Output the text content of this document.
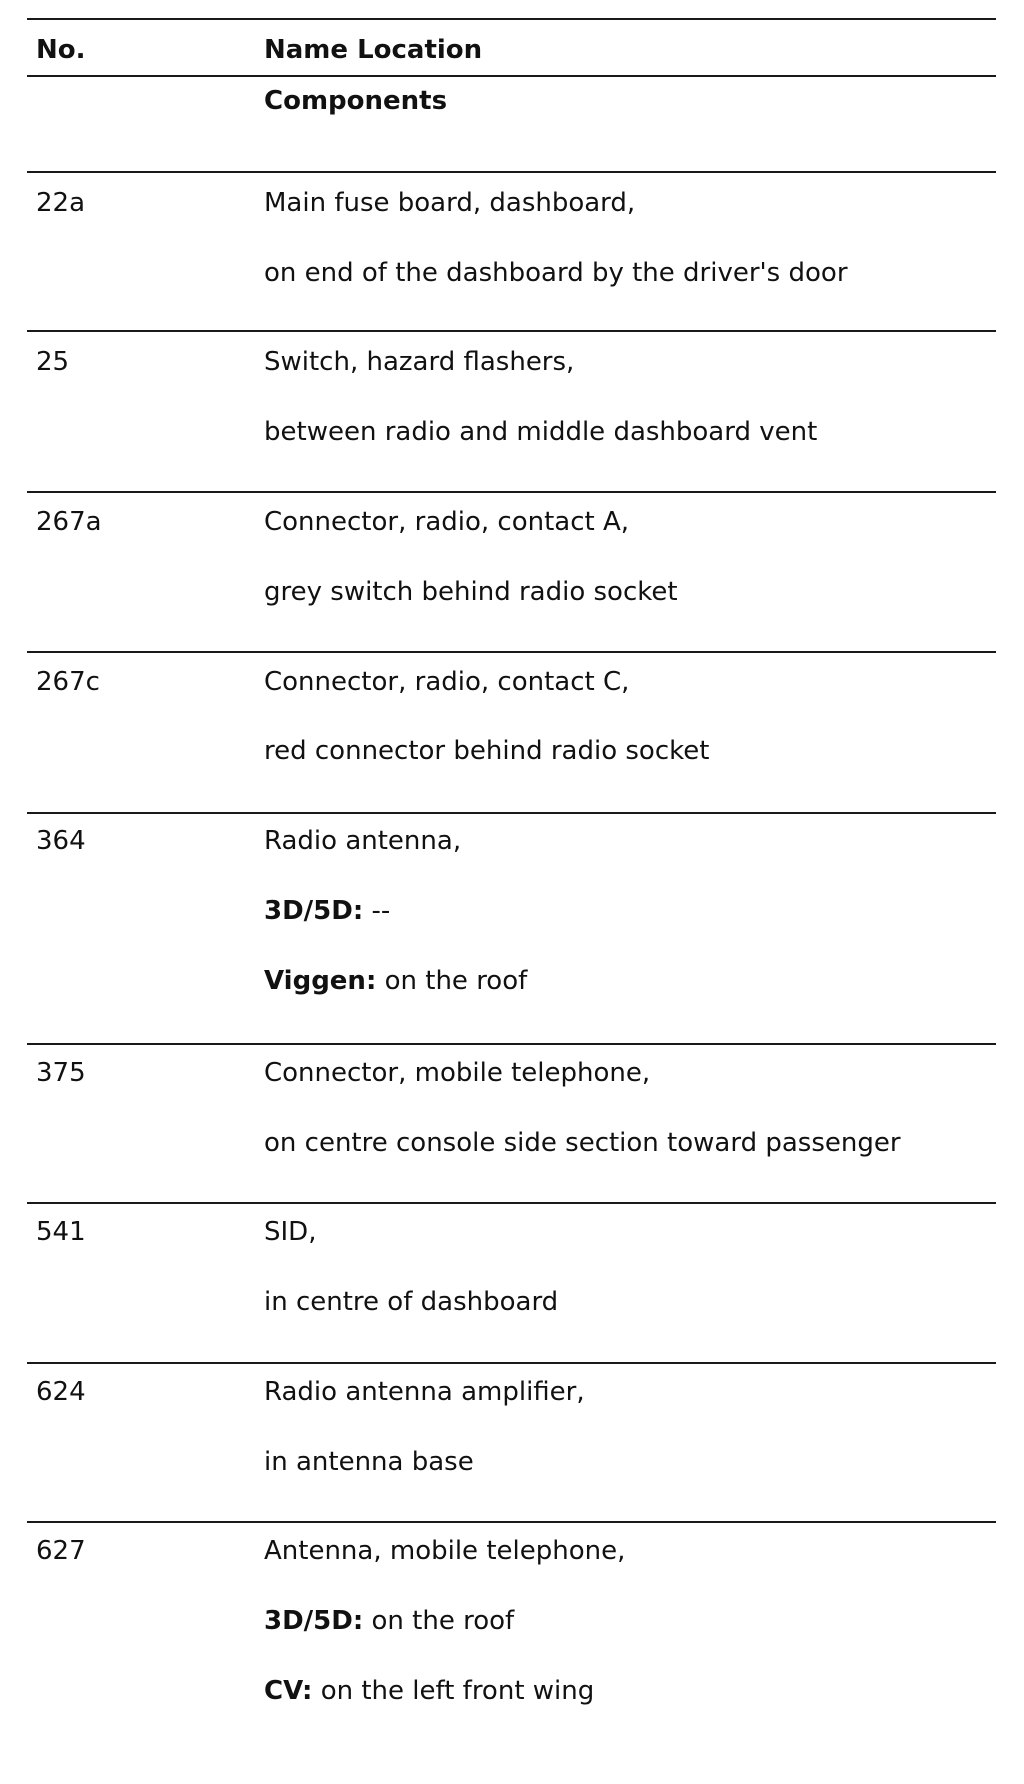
No.	Name Location
Components
22a	Main fuse board, dashboard,
on end of the dashboard by the driver's door
25	Switch, hazard flashers,
between radio and middle dashboard vent
267a	Connector, radio, contact A,
grey switch behind radio socket
267c	Connector, radio, contact C,
red connector behind radio socket
364	Radio antenna,
3D/5D: --
Viggen: on the roof
375	Connector, mobile telephone,
on centre console side section toward passenger
541	SID,
in centre of dashboard
624	Radio antenna amplifier,
in antenna base
627	Antenna, mobile telephone,
3D/5D: on the roof
CV: on the left front wing
